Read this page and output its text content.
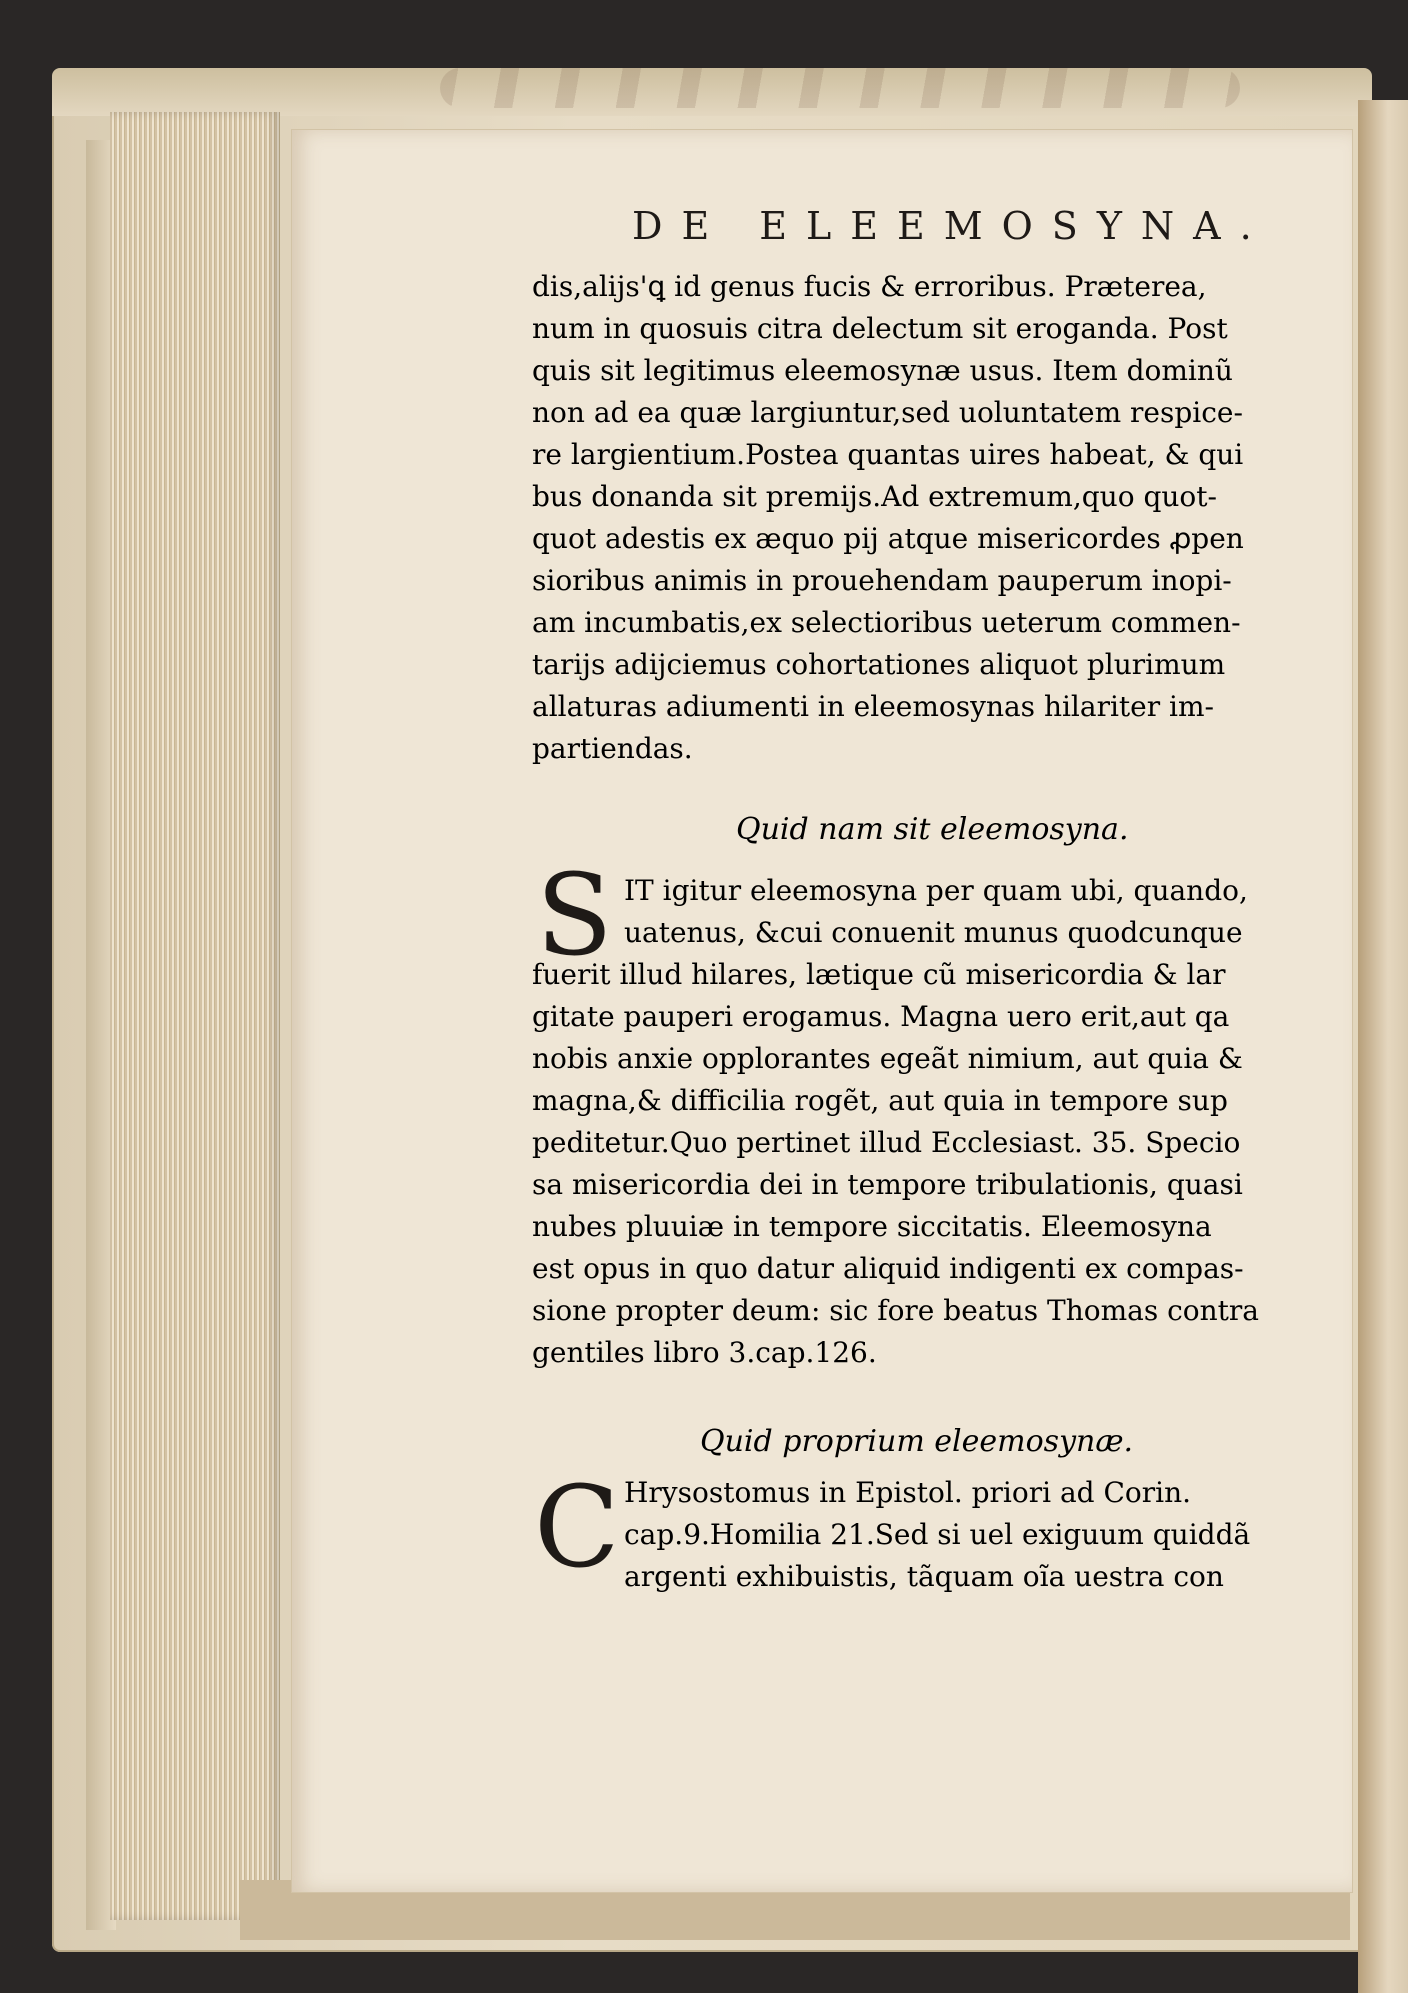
DE ELEEMOSYNA.
dis,aliјs'ꝗ id genus fucis & erroribus. Præterea,
num in quosuis citra delectum sit eroganda. Post
quis sit legitimus eleemosynæ usus. Item dominũ
non ad ea quæ largiuntur,sed uoluntatem respice-
re largientium.Postea quantas uires habeat, & qui
bus donanda sit premijs.Ad extremum,quo quot-
quot adestis ex æquo pij atque misericordes ꝓpen
sioribus animis in prouehendam pauperum inopi-
am incumbatis,ex selectioribus ueterum commen-
tarijs adijciemus cohortationes aliquot plurimum
allaturas adiumenti in eleemosynas hilariter im-
partiendas.
Quid nam sit eleemosyna.
S IT igitur eleemosyna per quam ubi, quando,
uatenus, &cui conuenit munus quodcunque
fuerit illud hilares, lætique cũ misericordia & lar
gitate pauperi erogamus. Magna uero erit,aut qa
nobis anxie opplorantes egeãt nimium, aut quia &
magna,& difficilia rogẽt, aut quia in tempore sup
peditetur.Quo pertinet illud Ecclesiast. 35. Specio
sa misericordia dei in tempore tribulationis, quasi
nubes pluuiæ in tempore siccitatis. Eleemosyna
est opus in quo datur aliquid indigenti ex compas-
sione propter deum: sic fore beatus Thomas contra
gentiles libro 3.cap.126.
Quid proprium eleemosynæ.
C Hrysostomus in Epistol. priori ad Corin.
cap.9.Homilia 21.Sed si uel exiguum quiddã
argenti exhibuistis, tãquam oĩa uestra con
